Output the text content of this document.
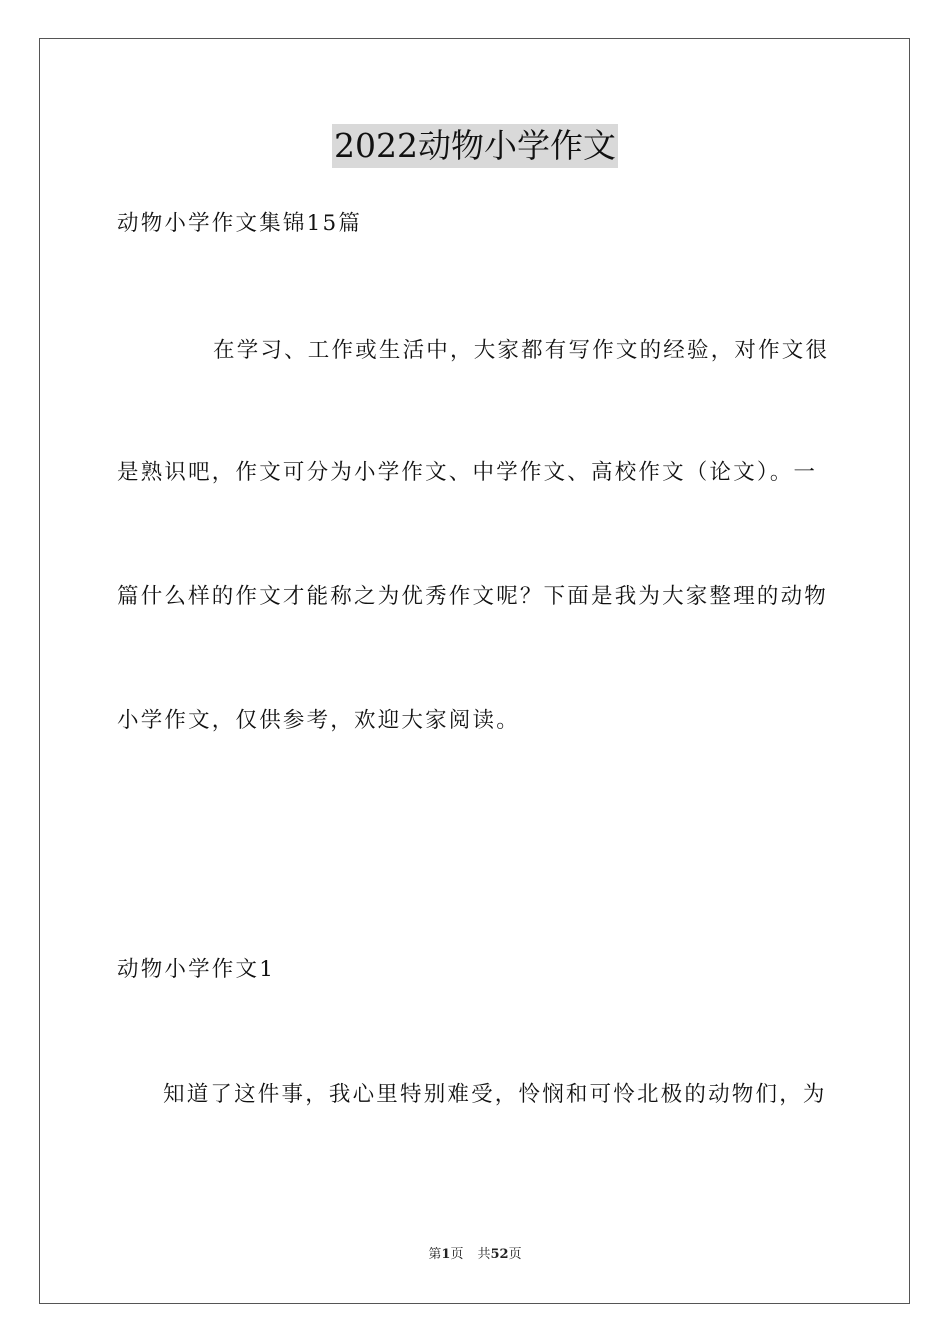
2022动物小学作文
动物小学作文集锦15篇
在学习、工作或生活中，大家都有写作文的经验，对作文很
是熟识吧，作文可分为小学作文、中学作文、高校作文（论文）。一
篇什么样的作文才能称之为优秀作文呢？下面是我为大家整理的动物
小学作文，仅供参考，欢迎大家阅读。
动物小学作文1
知道了这件事，我心里特别难受，怜悯和可怜北极的动物们，为
第1页 共52页
